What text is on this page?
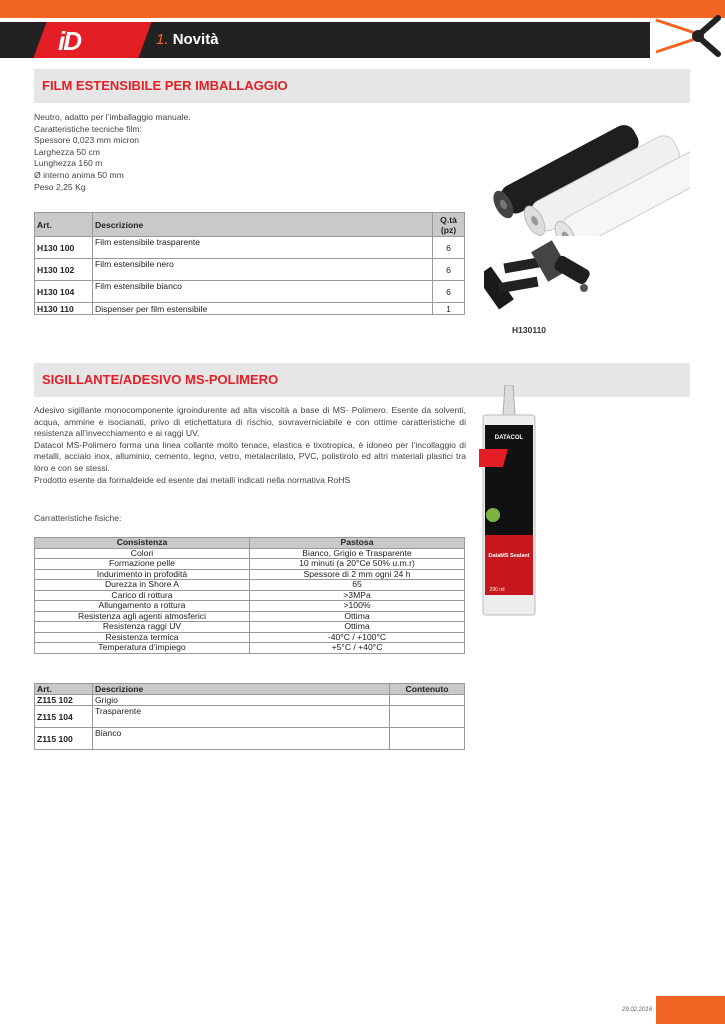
iD	1. Novità
FILM ESTENSIBILE PER IMBALLAGGIO
Neutro, adatto per l’imballaggio manuale.
Caratteristiche tecniche film:
Spessore 0,023 mm micron
Larghezza 50 cm
Lunghezza 160 m
Ø interno anima 50 mm
Peso 2,25 Kg
Art.	Descrizione	Q.tà (pz)
H130 100	Film estensibile trasparente	6
H130 102	Film estensibile nero	6
H130 104	Film estensibile bianco	6
H130 110	Dispenser per film estensibile	1
H130110
SIGILLANTE/ADESIVO MS-POLIMERO
Adesivo sigillante monocomponente igroindurente ad alta viscoità a base di MS- Polimero. Esente da solventi, acqua, ammine e isocianati, privo di etichettatura di rischio, sovraverniciabile e con ottime caratteristiche di resistenza all’invecchiamento e ai raggi UV.
Datacol MS-Polimero forma una linea collante molto tenace, elastica e tixotropica, è idoneo per l’incollaggio di metalli, acciaio inox, alluminio, cemento, legno, vetro, metalacrilato, PVC, polistirolo ed altri materiali plastici tra loro e con se stessi.
Prodotto esente da formaldeide ed esente dai metalli indicati nella normativa RoHS
Carratteristiche fisiche:
DATACOL
DataMS Sealant
290 ml
Consistenza	Pastosa
Colori	Bianco, Grigio e Trasparente
Formazione pelle	10 minuti (a 20°Ce 50% u.m.r)
Indurimento in profodità	Spessore di 2 mm ogni 24 h
Durezza in Shore A	65
Carico di rottura	>3MPa
Allungamento a rottura	>100%
Resistenza agli agenti atmosferici	Ottima
Resistenza raggi UV	Ottima
Resistenza termica	-40°C / +100°C
Temperatura d’impiego	+5°C / +40°C
Art.	Descrizione	Contenuto
Z115 102	Grigio	
Z115 104	Trasparente	
Z115 100	Bianco	
29.02.2016
